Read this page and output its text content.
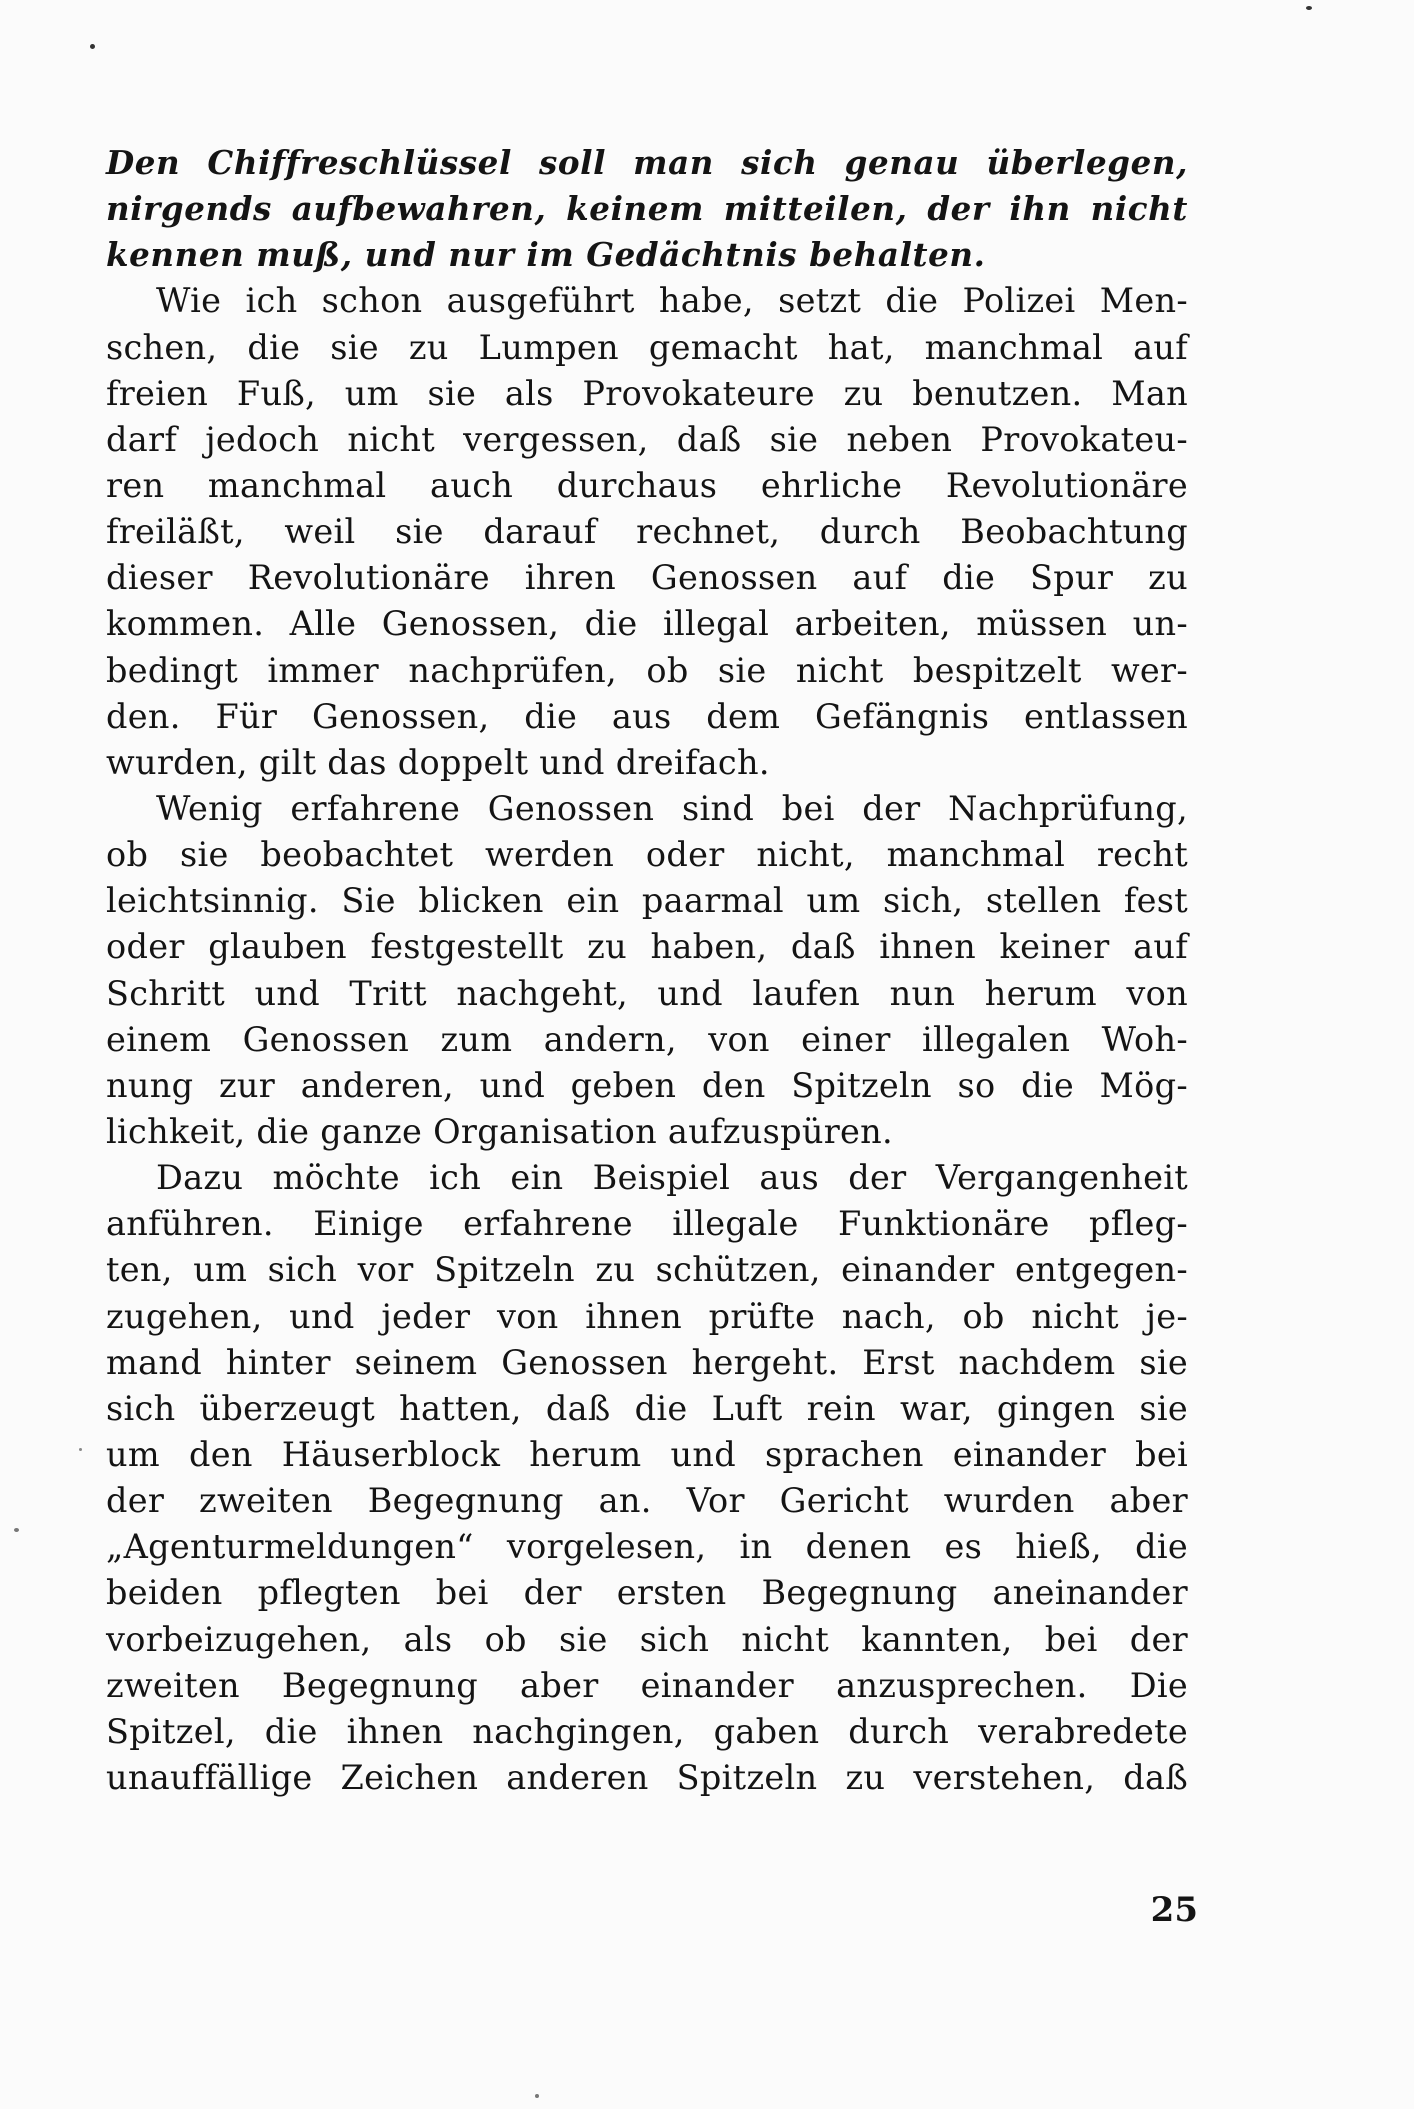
Den Chiffreschlüssel soll man sich genau überlegen,
nirgends aufbewahren, keinem mitteilen, der ihn nicht
kennen muß, und nur im Gedächtnis behalten.
Wie ich schon ausgeführt habe, setzt die Polizei Men-
schen, die sie zu Lumpen gemacht hat, manchmal auf
freien Fuß, um sie als Provokateure zu benutzen. Man
darf jedoch nicht vergessen, daß sie neben Provokateu-
ren manchmal auch durchaus ehrliche Revolutionäre
freiläßt, weil sie darauf rechnet, durch Beobachtung
dieser Revolutionäre ihren Genossen auf die Spur zu
kommen. Alle Genossen, die illegal arbeiten, müssen un-
bedingt immer nachprüfen, ob sie nicht bespitzelt wer-
den. Für Genossen, die aus dem Gefängnis entlassen
wurden, gilt das doppelt und dreifach.
Wenig erfahrene Genossen sind bei der Nachprüfung,
ob sie beobachtet werden oder nicht, manchmal recht
leichtsinnig. Sie blicken ein paarmal um sich, stellen fest
oder glauben festgestellt zu haben, daß ihnen keiner auf
Schritt und Tritt nachgeht, und laufen nun herum von
einem Genossen zum andern, von einer illegalen Woh-
nung zur anderen, und geben den Spitzeln so die Mög-
lichkeit, die ganze Organisation aufzuspüren.
Dazu möchte ich ein Beispiel aus der Vergangenheit
anführen. Einige erfahrene illegale Funktionäre pfleg-
ten, um sich vor Spitzeln zu schützen, einander entgegen-
zugehen, und jeder von ihnen prüfte nach, ob nicht je-
mand hinter seinem Genossen hergeht. Erst nachdem sie
sich überzeugt hatten, daß die Luft rein war, gingen sie
um den Häuserblock herum und sprachen einander bei
der zweiten Begegnung an. Vor Gericht wurden aber
„Agenturmeldungen“ vorgelesen, in denen es hieß, die
beiden pflegten bei der ersten Begegnung aneinander
vorbeizugehen, als ob sie sich nicht kannten, bei der
zweiten Begegnung aber einander anzusprechen. Die
Spitzel, die ihnen nachgingen, gaben durch verabredete
unauffällige Zeichen anderen Spitzeln zu verstehen, daß
25
